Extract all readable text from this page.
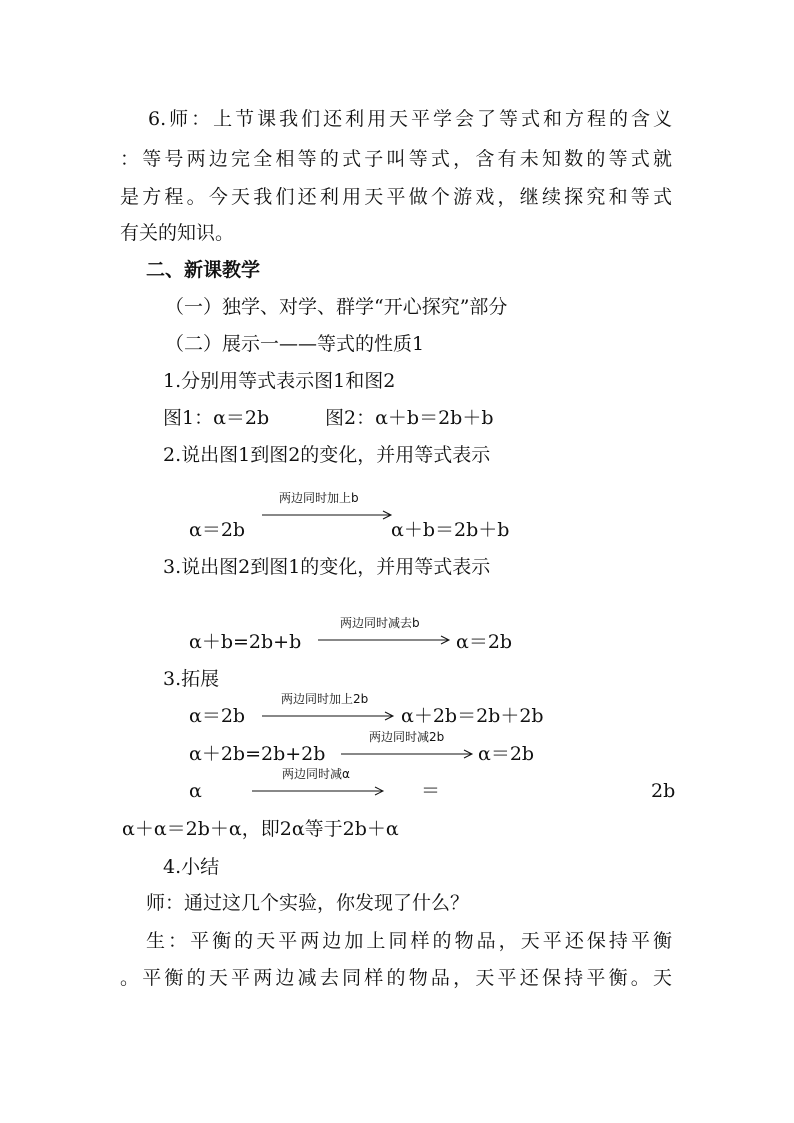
6.师：上节课我们还利用天平学会了等式和方程的含义
：等号两边完全相等的式子叫等式，含有未知数的等式就
是方程。今天我们还利用天平做个游戏，继续探究和等式
有关的知识。
二、新课教学
（一）独学、对学、群学“开心探究”部分
（二）展示一——等式的性质1
1.分别用等式表示图1和图2
图1：α＝2b	图2：α＋b＝2b＋b
2.说出图1到图2的变化，并用等式表示
两边同时加上b
α＝2b	α＋b＝2b＋b
3.说出图2到图1的变化，并用等式表示
两边同时减去b
α＋b=2b+b	α＝2b
3.拓展
两边同时加上2b
α＝2b	α＋2b＝2b＋2b
两边同时减2b
α＋2b=2b+2b	α＝2b
两边同时减α
α	＝	2b
α＋α＝2b＋α，即2α等于2b＋α
4.小结
师：通过这几个实验，你发现了什么？
生：平衡的天平两边加上同样的物品，天平还保持平衡
。平衡的天平两边减去同样的物品，天平还保持平衡。天
